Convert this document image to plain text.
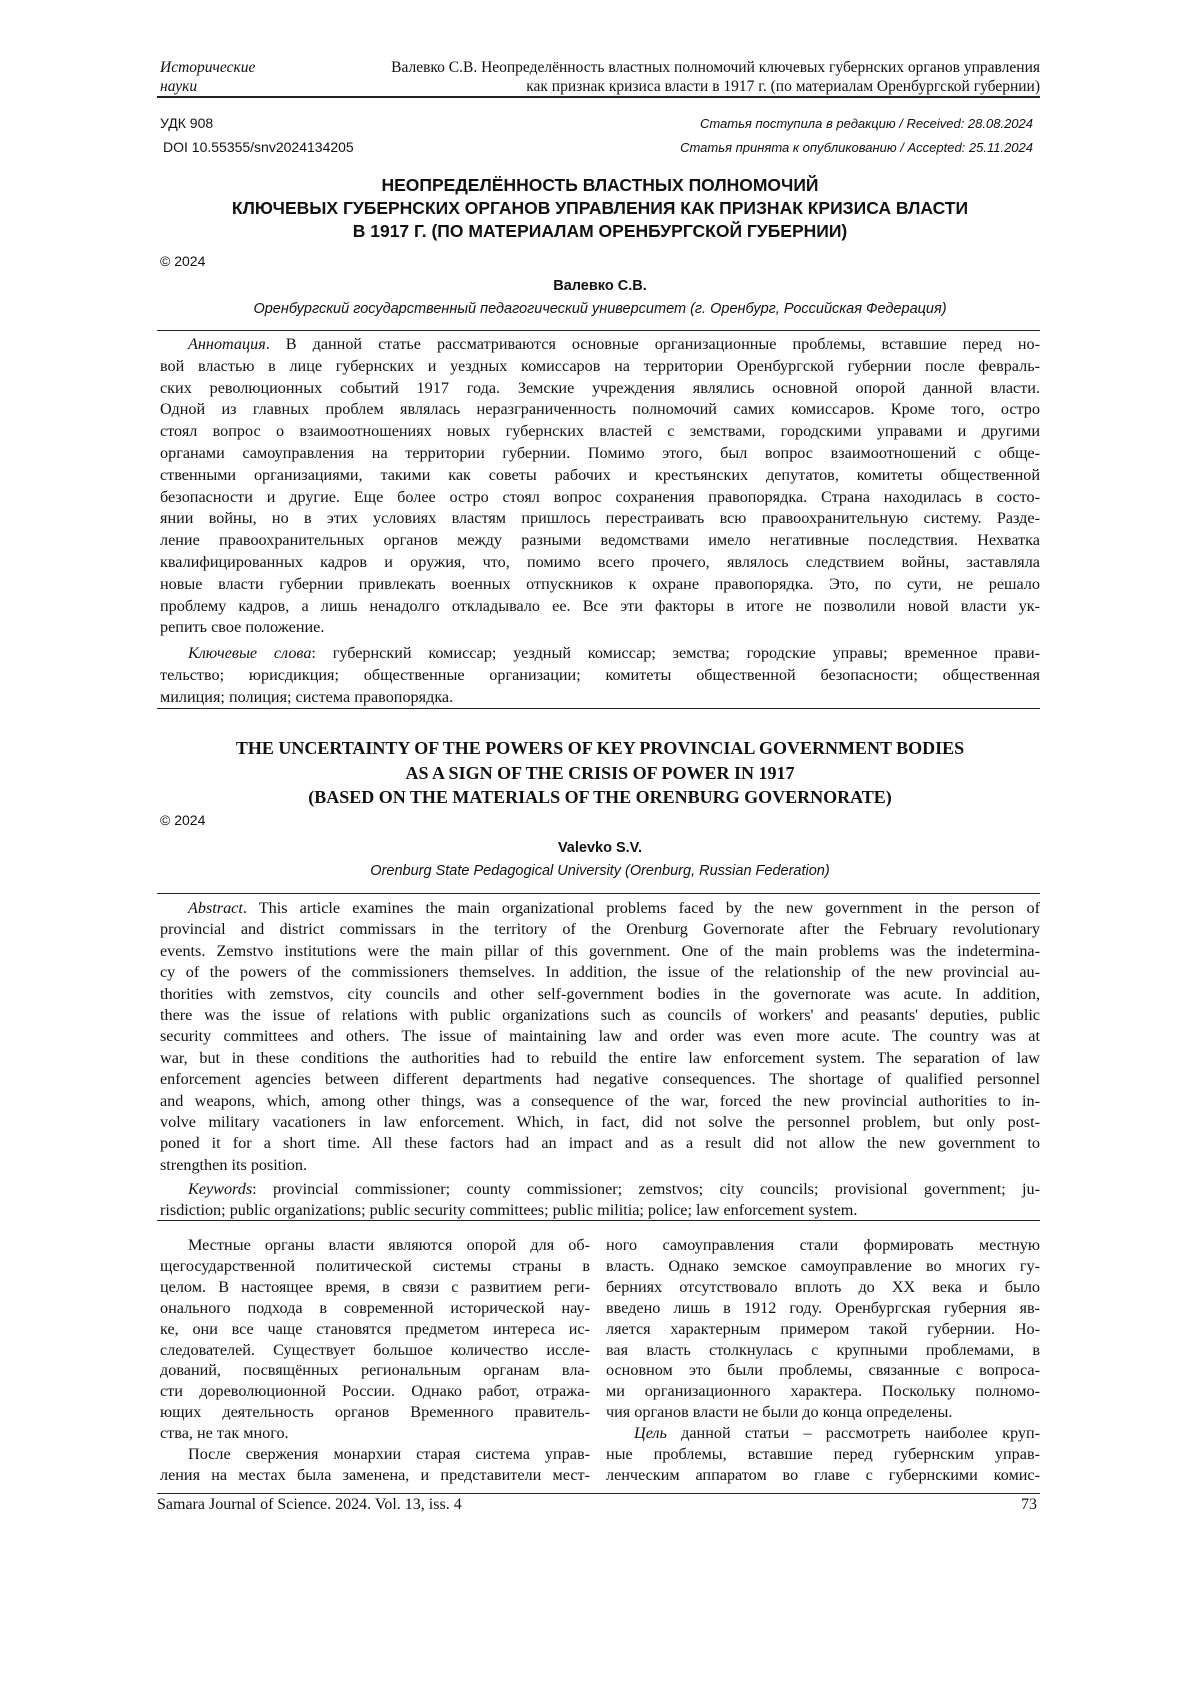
Исторические
науки
Валевко С.В. Неопределённость властных полномочий ключевых губернских органов управления
как признак кризиса власти в 1917 г. (по материалам Оренбургской губернии)
УДК 908
DOI 10.55355/snv2024134205
Статья поступила в редакцию / Received: 28.08.2024
Статья принята к опубликованию / Accepted: 25.11.2024
НЕОПРЕДЕЛЁННОСТЬ ВЛАСТНЫХ ПОЛНОМОЧИЙ
КЛЮЧЕВЫХ ГУБЕРНСКИХ ОРГАНОВ УПРАВЛЕНИЯ КАК ПРИЗНАК КРИЗИСА ВЛАСТИ
В 1917 Г. (ПО МАТЕРИАЛАМ ОРЕНБУРГСКОЙ ГУБЕРНИИ)
© 2024
Валевко С.В.
Оренбургский государственный педагогический университет (г. Оренбург, Российская Федерация)
Аннотация. В данной статье рассматриваются основные организационные проблемы, вставшие перед но-
вой властью в лице губернских и уездных комиссаров на территории Оренбургской губернии после февраль-
ских революционных событий 1917 года. Земские учреждения являлись основной опорой данной власти.
Одной из главных проблем являлась неразграниченность полномочий самих комиссаров. Кроме того, остро
стоял вопрос о взаимоотношениях новых губернских властей с земствами, городскими управами и другими
органами самоуправления на территории губернии. Помимо этого, был вопрос взаимоотношений с обще-
ственными организациями, такими как советы рабочих и крестьянских депутатов, комитеты общественной
безопасности и другие. Еще более остро стоял вопрос сохранения правопорядка. Страна находилась в состо-
янии войны, но в этих условиях властям пришлось перестраивать всю правоохранительную систему. Разде-
ление правоохранительных органов между разными ведомствами имело негативные последствия. Нехватка
квалифицированных кадров и оружия, что, помимо всего прочего, являлось следствием войны, заставляла
новые власти губернии привлекать военных отпускников к охране правопорядка. Это, по сути, не решало
проблему кадров, а лишь ненадолго откладывало ее. Все эти факторы в итоге не позволили новой власти ук-
репить свое положение.
Ключевые слова: губернский комиссар; уездный комиссар; земства; городские управы; временное прави-
тельство; юрисдикция; общественные организации; комитеты общественной безопасности; общественная
милиция; полиция; система правопорядка.
THE UNCERTAINTY OF THE POWERS OF KEY PROVINCIAL GOVERNMENT BODIES
AS A SIGN OF THE CRISIS OF POWER IN 1917
(BASED ON THE MATERIALS OF THE ORENBURG GOVERNORATE)
© 2024
Valevko S.V.
Orenburg State Pedagogical University (Orenburg, Russian Federation)
Abstract. This article examines the main organizational problems faced by the new government in the person of
provincial and district commissars in the territory of the Orenburg Governorate after the February revolutionary
events. Zemstvo institutions were the main pillar of this government. One of the main problems was the indetermina-
cy of the powers of the commissioners themselves. In addition, the issue of the relationship of the new provincial au-
thorities with zemstvos, city councils and other self-government bodies in the governorate was acute. In addition,
there was the issue of relations with public organizations such as councils of workers' and peasants' deputies, public
security committees and others. The issue of maintaining law and order was even more acute. The country was at
war, but in these conditions the authorities had to rebuild the entire law enforcement system. The separation of law
enforcement agencies between different departments had negative consequences. The shortage of qualified personnel
and weapons, which, among other things, was a consequence of the war, forced the new provincial authorities to in-
volve military vacationers in law enforcement. Which, in fact, did not solve the personnel problem, but only post-
poned it for a short time. All these factors had an impact and as a result did not allow the new government to
strengthen its position.
Keywords: provincial commissioner; county commissioner; zemstvos; city councils; provisional government; ju-
risdiction; public organizations; public security committees; public militia; police; law enforcement system.
Местные органы власти являются опорой для об-
щегосударственной политической системы страны в
целом. В настоящее время, в связи с развитием реги-
онального подхода в современной исторической нау-
ке, они все чаще становятся предметом интереса ис-
следователей. Существует большое количество иссле-
дований, посвящённых региональным органам вла-
сти дореволюционной России. Однако работ, отража-
ющих деятельность органов Временного правитель-
ства, не так много.
После свержения монархии старая система управ-
ления на местах была заменена, и представители мест-
ного самоуправления стали формировать местную
власть. Однако земское самоуправление во многих гу-
берниях отсутствовало вплоть до XX века и было
введено лишь в 1912 году. Оренбургская губерния яв-
ляется характерным примером такой губернии. Но-
вая власть столкнулась с крупными проблемами, в
основном это были проблемы, связанные с вопроса-
ми организационного характера. Поскольку полномо-
чия органов власти не были до конца определены.
Цель данной статьи – рассмотреть наиболее круп-
ные проблемы, вставшие перед губернским управ-
ленческим аппаратом во главе с губернскими комис-
Samara Journal of Science. 2024. Vol. 13, iss. 4	73
